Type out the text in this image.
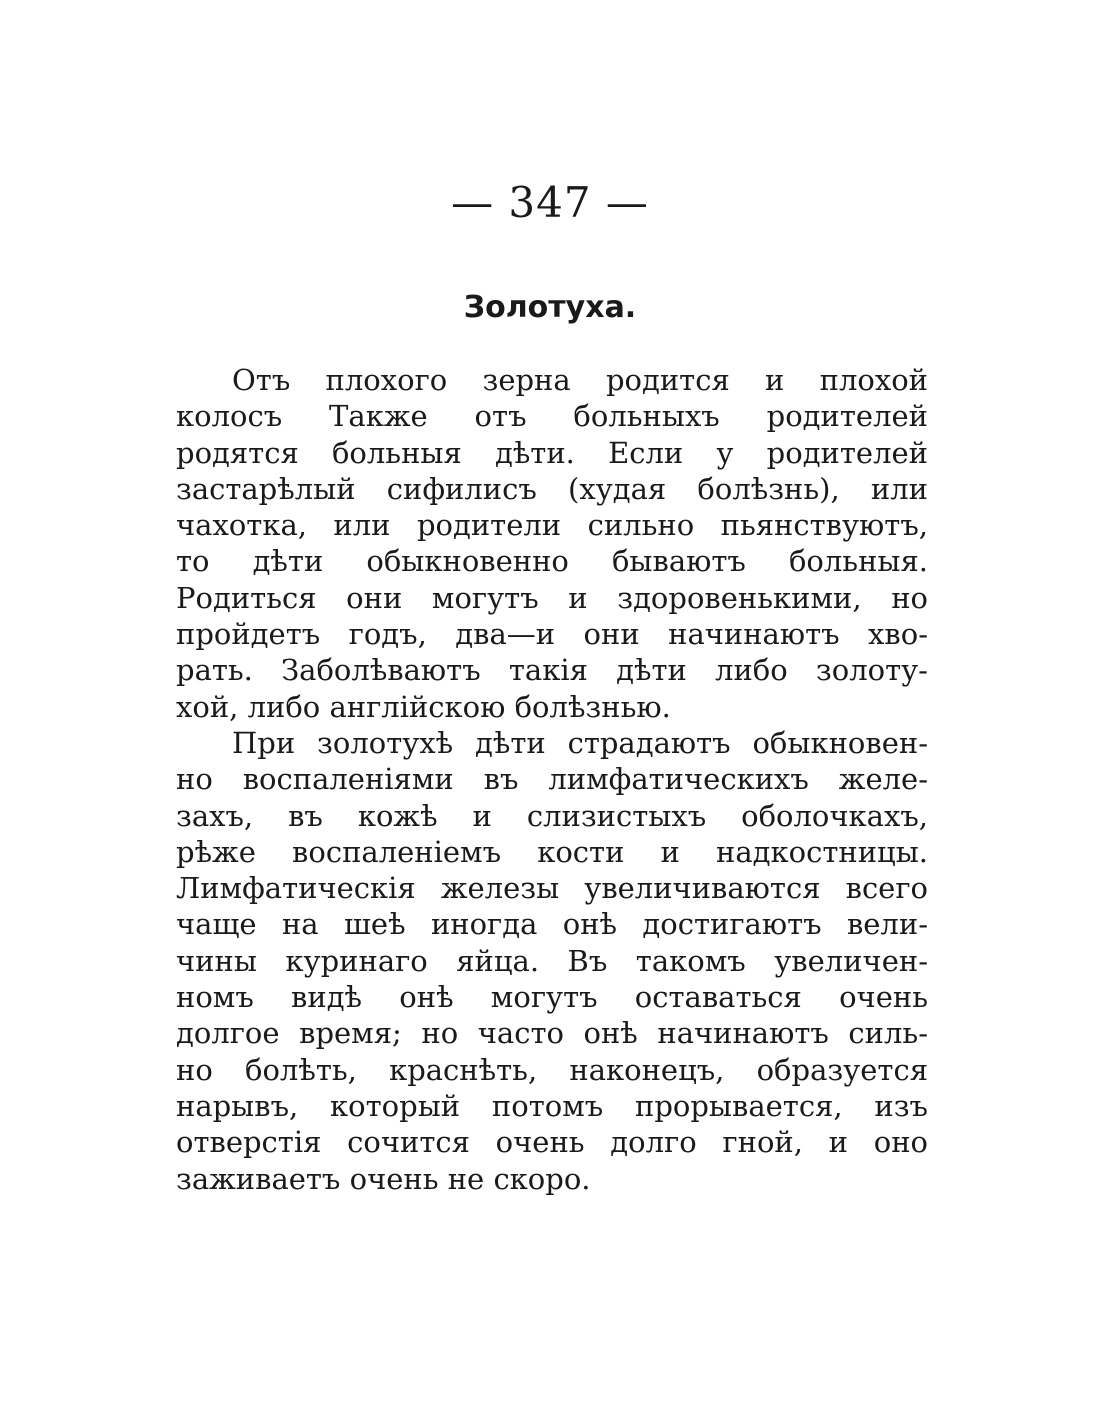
— 347 —
Золотуха.
Отъ плохого зерна родится и плохой
колосъ Также отъ больныхъ родителей
родятся больныя дѣти. Если у родителей
застарѣлый сифилисъ (худая болѣзнь), или
чахотка, или родители сильно пьянствуютъ,
то дѣти обыкновенно бываютъ больныя.
Родиться они могутъ и здоровенькими, но
пройдетъ годъ, два—и они начинаютъ хво-
рать. Заболѣваютъ такія дѣти либо золоту-
хой, либо англійскою болѣзнью.
При золотухѣ дѣти страдаютъ обыкновен-
но воспаленіями въ лимфатическихъ желе-
захъ, въ кожѣ и слизистыхъ оболочкахъ,
рѣже воспаленіемъ кости и надкостницы.
Лимфатическія железы увеличиваются всего
чаще на шеѣ иногда онѣ достигаютъ вели-
чины куринаго яйца. Въ такомъ увеличен-
номъ видѣ онѣ могутъ оставаться очень
долгое время; но часто онѣ начинаютъ силь-
но болѣть, краснѣть, наконецъ, образуется
нарывъ, который потомъ прорывается, изъ
отверстія сочится очень долго гной, и оно
заживаетъ очень не скоро.
